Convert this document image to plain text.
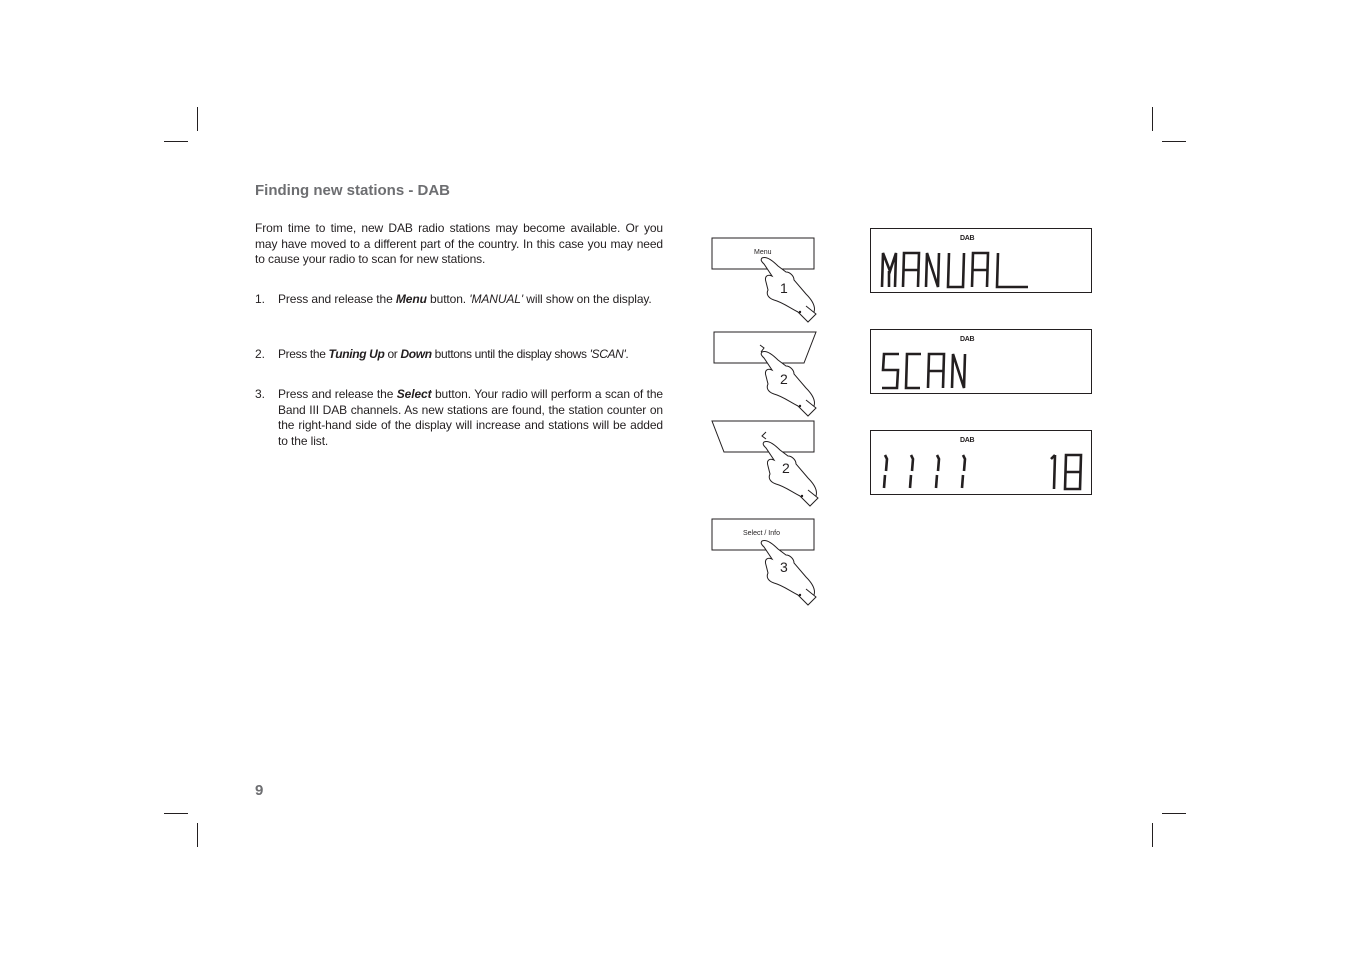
Finding new stations - DAB
From time to time, new DAB radio stations may become available. Or you may have moved to a different part of the country. In this case you may need to cause your radio to scan for new stations.
1. Press and release the Menu button. 'MANUAL' will show on the display.
2. Press the Tuning Up or Down buttons until the display shows 'SCAN'.
3. Press and release the Select button. Your radio will perform a scan of the Band III DAB channels. As new stations are found, the station counter on the right-hand side of the display will increase and stations will be added to the list.
9
Menu
1
2
2
Select / Info
3
DAB
DAB
DAB
